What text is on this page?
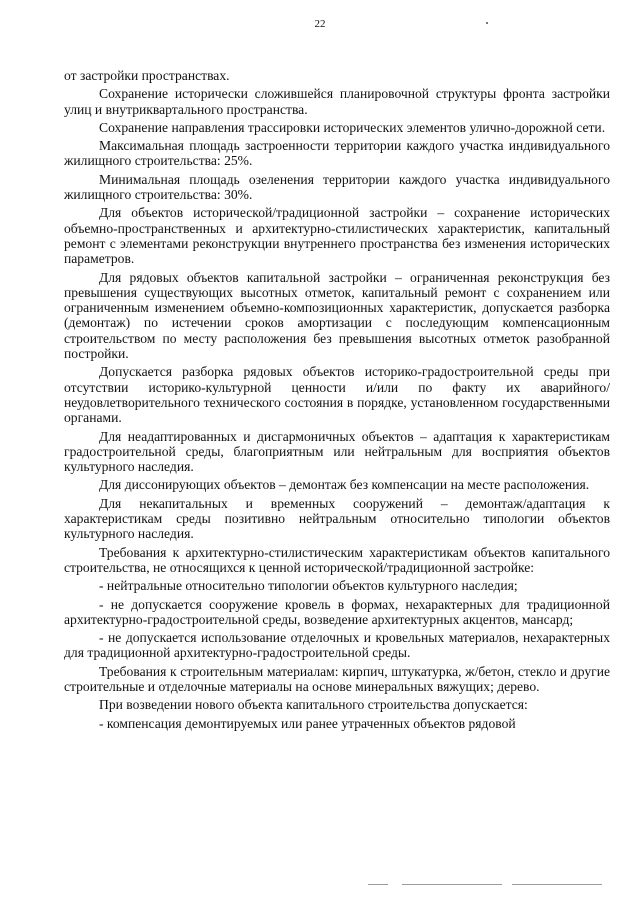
22

от застройки пространствах.

Сохранение исторически сложившейся планировочной структуры фронта застройки улиц и внутриквартального пространства.

Сохранение направления трассировки исторических элементов улично-дорожной сети.

Максимальная площадь застроенности территории каждого участка индивидуального жилищного строительства: 25%.

Минимальная площадь озеленения территории каждого участка индивидуального жилищного строительства: 30%.

Для объектов исторической/традиционной застройки – сохранение исторических объемно-пространственных и архитектурно-стилистических характеристик, капитальный ремонт с элементами реконструкции внутреннего пространства без изменения исторических параметров.

Для рядовых объектов капитальной застройки – ограниченная реконструкция без превышения существующих высотных отметок, капитальный ремонт с сохранением или ограниченным изменением объемно-композиционных характеристик, допускается разборка (демонтаж) по истечении сроков амортизации с последующим компенсационным строительством по месту расположения без превышения высотных отметок разобранной постройки.

Допускается разборка рядовых объектов историко-градостроительной среды при отсутствии историко-культурной ценности и/или по факту их аварийного/неудовлетворительного технического состояния в порядке, установленном государственными органами.

Для неадаптированных и дисгармоничных объектов – адаптация к характеристикам градостроительной среды, благоприятным или нейтральным для восприятия объектов культурного наследия.

Для диссонирующих объектов – демонтаж без компенсации на месте расположения.

Для некапитальных и временных сооружений – демонтаж/адаптация к характеристикам среды позитивно нейтральным относительно типологии объектов культурного наследия.

Требования к архитектурно-стилистическим характеристикам объектов капитального строительства, не относящихся к ценной исторической/традиционной застройке:

- нейтральные относительно типологии объектов культурного наследия;

- не допускается сооружение кровель в формах, нехарактерных для традиционной архитектурно-градостроительной среды, возведение архитектурных акцентов, мансард;

- не допускается использование отделочных и кровельных материалов, нехарактерных для традиционной архитектурно-градостроительной среды.

Требования к строительным материалам: кирпич, штукатурка, ж/бетон, стекло и другие строительные и отделочные материалы на основе минеральных вяжущих; дерево.

При возведении нового объекта капитального строительства допускается:

- компенсация демонтируемых или ранее утраченных объектов рядовой
